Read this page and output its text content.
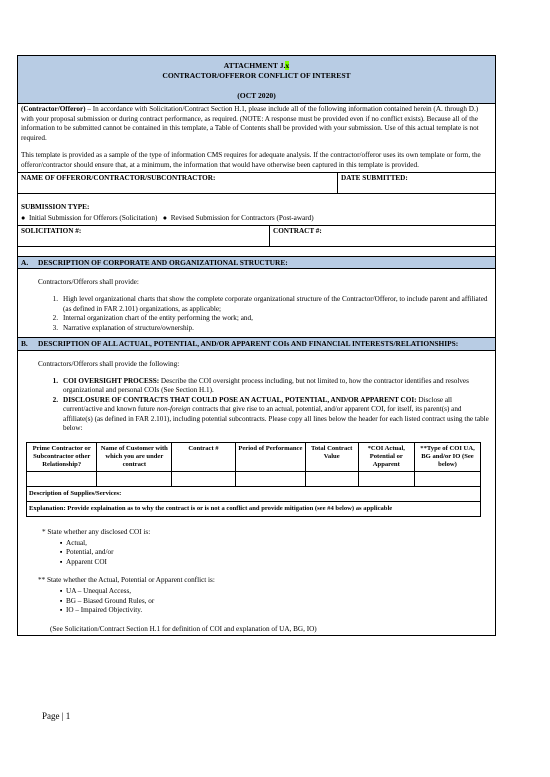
ATTACHMENT J.x
CONTRACTOR/OFFEROR CONFLICT OF INTEREST
(OCT 2020)
(Contractor/Offeror) – In accordance with Solicitation/Contract Section H.1, please include all of the following information contained herein (A. through D.) with your proposal submission or during contract performance, as required. (NOTE: A response must be provided even if no conflict exists). Because all of the information to be submitted cannot be contained in this template, a Table of Contents shall be provided with your submission. Use of this actual template is not required.
This template is provided as a sample of the type of information CMS requires for adequate analysis. If the contractor/offeror uses its own template or form, the offeror/contractor should ensure that, at a minimum, the information that would have otherwise been captured in this template is provided.
NAME OF OFFEROR/CONTRACTOR/SUBCONTRACTOR:	DATE SUBMITTED:
SUBMISSION TYPE:
● Initial Submission for Offerors (Solicitation) ● Revised Submission for Contractors (Post-award)
SOLICITATION #:	CONTRACT #:
A. DESCRIPTION OF CORPORATE AND ORGANIZATIONAL STRUCTURE:
Contractors/Offerors shall provide:
1. High level organizational charts that show the complete corporate organizational structure of the Contractor/Offeror, to include parent and affiliated (as defined in FAR 2.101) organizations, as applicable;
2. Internal organization chart of the entity performing the work; and,
3. Narrative explanation of structure/ownership.
B.	DESCRIPTION OF ALL ACTUAL, POTENTIAL, AND/OR APPARENT COIs AND FINANCIAL INTERESTS/RELATIONSHIPS:
Contractors/Offerors shall provide the following:
1. COI OVERSIGHT PROCESS: Describe the COI oversight process including, but not limited to, how the contractor identifies and resolves organizational and personal COIs (See Section H.1).
2. DISCLOSURE OF CONTRACTS THAT COULD POSE AN ACTUAL, POTENTIAL, AND/OR APPARENT COI: Disclose all current/active and known future non-foreign contracts that give rise to an actual, potential, and/or apparent COI, for itself, its parent(s) and affiliate(s) (as defined in FAR 2.101), including potential subcontracts. Please copy all lines below the header for each listed contract using the table below:
Prime Contractor or Subcontractor other Relationship?	Name of Customer with which you are under contract	Contract #	Period of Performance	Total Contract Value	*COI Actual, Potential or Apparent	**Type of COI UA, BG and/or IO (See below)

Description of Supplies/Services:						
Explanation: Provide explaination as to why the contract is or is not a conflict and provide mitigation (see #4 below) as applicable						
* State whether any disclosed COI is:
▪ Actual,
▪ Potential, and/or
▪ Apparent COI
** State whether the Actual, Potential or Apparent conflict is:
▪ UA – Unequal Access,
▪ BG – Biased Ground Rules, or
▪ IO – Impaired Objectivity.
(See Solicitation/Contract Section H.1 for definition of COI and explanation of UA, BG, IO)
Page | 1
